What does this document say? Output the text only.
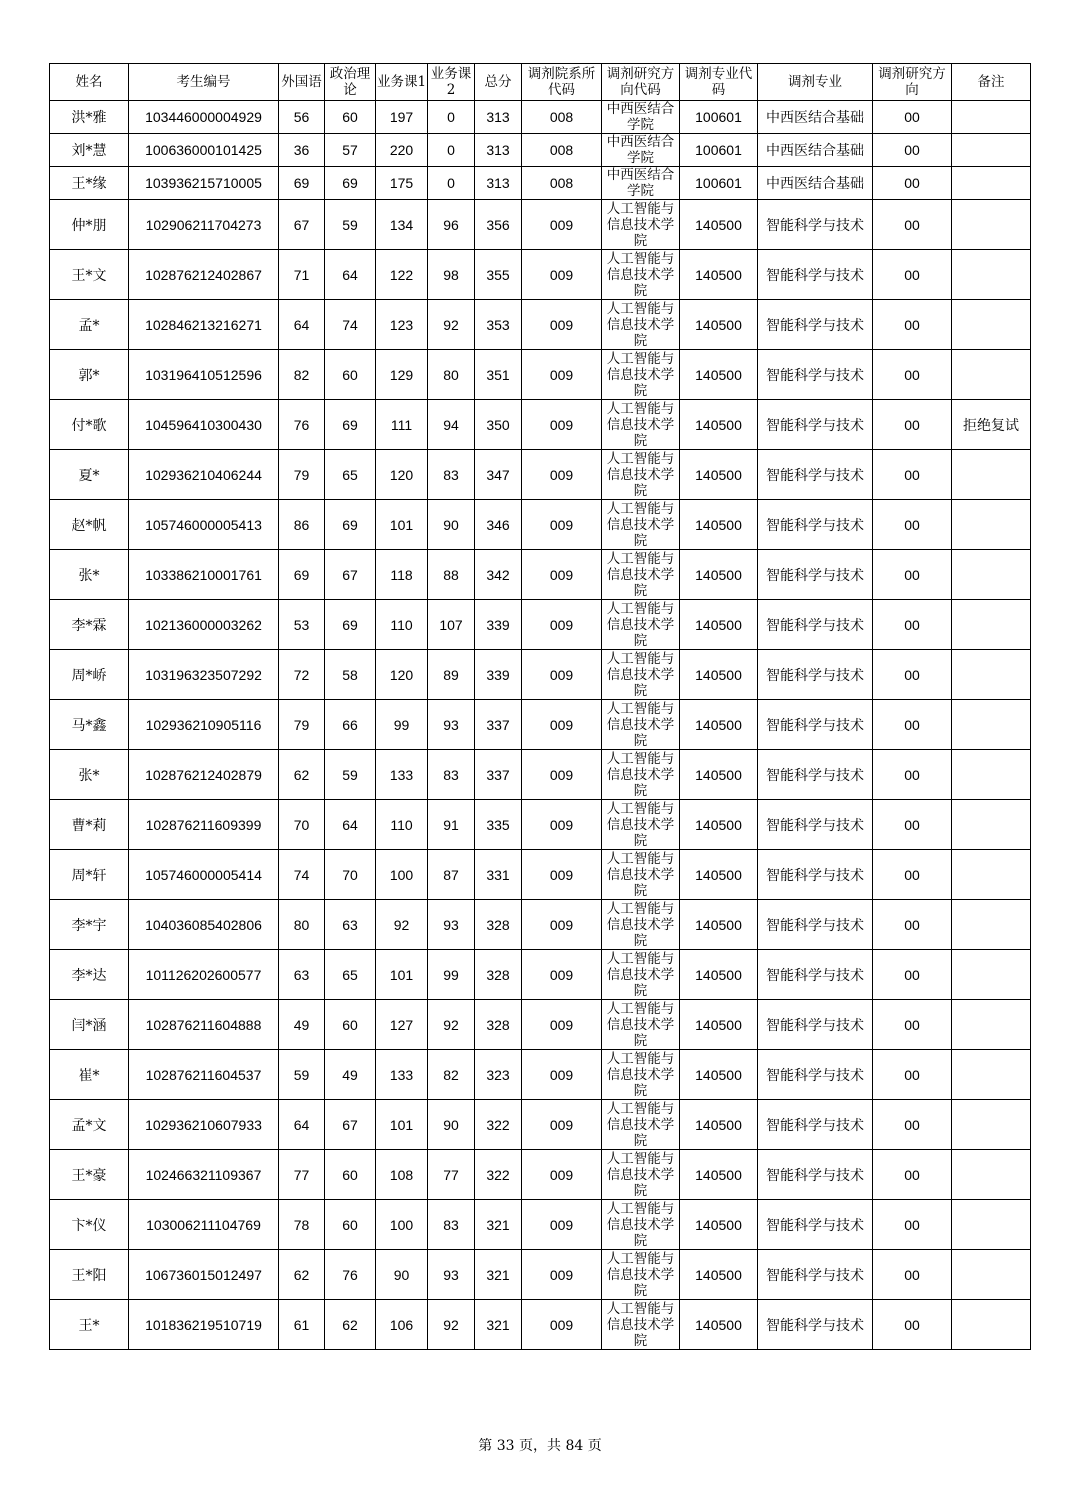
姓名	考生编号	外国语	政治理论	业务课1	业务课2	总分	调剂院系所代码	调剂研究方向代码	调剂专业代码	调剂专业	调剂研究方向	备注
洪*雅	103446000004929	56	60	197	0	313	008	中西医结合学院	100601	中西医结合基础	00	
刘*慧	100636000101425	36	57	220	0	313	008	中西医结合学院	100601	中西医结合基础	00	
王*缘	103936215710005	69	69	175	0	313	008	中西医结合学院	100601	中西医结合基础	00	
仲*朋	102906211704273	67	59	134	96	356	009	人工智能与信息技术学院	140500	智能科学与技术	00	
王*文	102876212402867	71	64	122	98	355	009	人工智能与信息技术学院	140500	智能科学与技术	00	
孟*	102846213216271	64	74	123	92	353	009	人工智能与信息技术学院	140500	智能科学与技术	00	
郭*	103196410512596	82	60	129	80	351	009	人工智能与信息技术学院	140500	智能科学与技术	00	
付*歌	104596410300430	76	69	111	94	350	009	人工智能与信息技术学院	140500	智能科学与技术	00	拒绝复试
夏*	102936210406244	79	65	120	83	347	009	人工智能与信息技术学院	140500	智能科学与技术	00	
赵*帆	105746000005413	86	69	101	90	346	009	人工智能与信息技术学院	140500	智能科学与技术	00	
张*	103386210001761	69	67	118	88	342	009	人工智能与信息技术学院	140500	智能科学与技术	00	
李*霖	102136000003262	53	69	110	107	339	009	人工智能与信息技术学院	140500	智能科学与技术	00	
周*峤	103196323507292	72	58	120	89	339	009	人工智能与信息技术学院	140500	智能科学与技术	00	
马*鑫	102936210905116	79	66	99	93	337	009	人工智能与信息技术学院	140500	智能科学与技术	00	
张*	102876212402879	62	59	133	83	337	009	人工智能与信息技术学院	140500	智能科学与技术	00	
曹*莉	102876211609399	70	64	110	91	335	009	人工智能与信息技术学院	140500	智能科学与技术	00	
周*轩	105746000005414	74	70	100	87	331	009	人工智能与信息技术学院	140500	智能科学与技术	00	
李*宇	104036085402806	80	63	92	93	328	009	人工智能与信息技术学院	140500	智能科学与技术	00	
李*达	101126202600577	63	65	101	99	328	009	人工智能与信息技术学院	140500	智能科学与技术	00	
闫*涵	102876211604888	49	60	127	92	328	009	人工智能与信息技术学院	140500	智能科学与技术	00	
崔*	102876211604537	59	49	133	82	323	009	人工智能与信息技术学院	140500	智能科学与技术	00	
孟*文	102936210607933	64	67	101	90	322	009	人工智能与信息技术学院	140500	智能科学与技术	00	
王*豪	102466321109367	77	60	108	77	322	009	人工智能与信息技术学院	140500	智能科学与技术	00	
卞*仪	103006211104769	78	60	100	83	321	009	人工智能与信息技术学院	140500	智能科学与技术	00	
王*阳	106736015012497	62	76	90	93	321	009	人工智能与信息技术学院	140500	智能科学与技术	00	
王*	101836219510719	61	62	106	92	321	009	人工智能与信息技术学院	140500	智能科学与技术	00	
第 33 页，共 84 页
